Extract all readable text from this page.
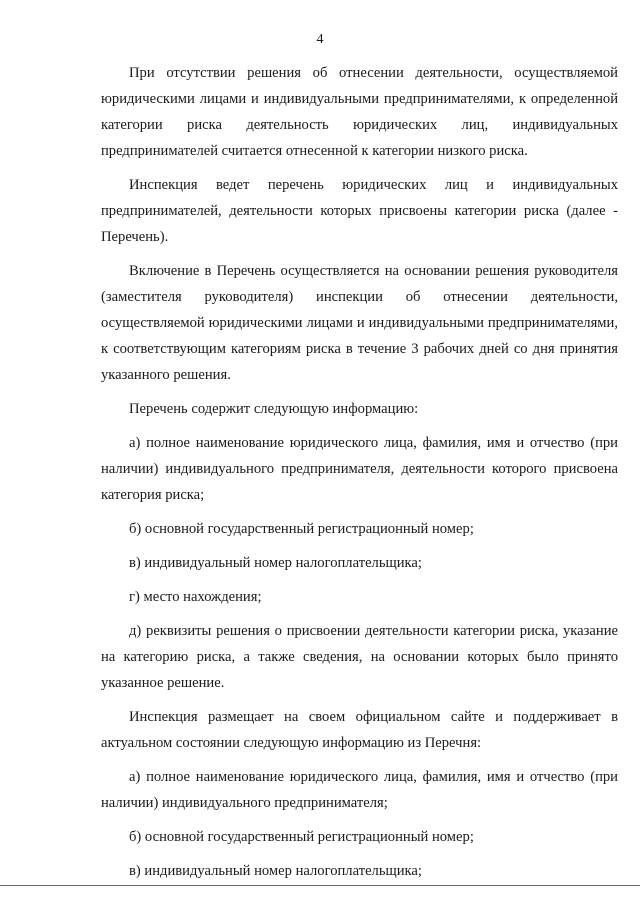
4

При отсутствии решения об отнесении деятельности, осуществляемой юридическими лицами и индивидуальными предпринимателями, к определенной категории риска деятельность юридических лиц, индивидуальных предпринимателей считается отнесенной к категории низкого риска.

Инспекция ведет перечень юридических лиц и индивидуальных предпринимателей, деятельности которых присвоены категории риска (далее - Перечень).

Включение в Перечень осуществляется на основании решения руководителя (заместителя руководителя) инспекции об отнесении деятельности, осуществляемой юридическими лицами и индивидуальными предпринимателями, к соответствующим категориям риска в течение 3 рабочих дней со дня принятия указанного решения.

Перечень содержит следующую информацию:

а) полное наименование юридического лица, фамилия, имя и отчество (при наличии) индивидуального предпринимателя, деятельности которого присвоена категория риска;

б) основной государственный регистрационный номер;

в) индивидуальный номер налогоплательщика;

г) место нахождения;

д) реквизиты решения о присвоении деятельности категории риска, указание на категорию риска, а также сведения, на основании которых было принято указанное решение.

Инспекция размещает на своем официальном сайте и поддерживает в актуальном состоянии следующую информацию из Перечня:

а) полное наименование юридического лица, фамилия, имя и отчество (при наличии) индивидуального предпринимателя;

б) основной государственный регистрационный номер;

в) индивидуальный номер налогоплательщика;
